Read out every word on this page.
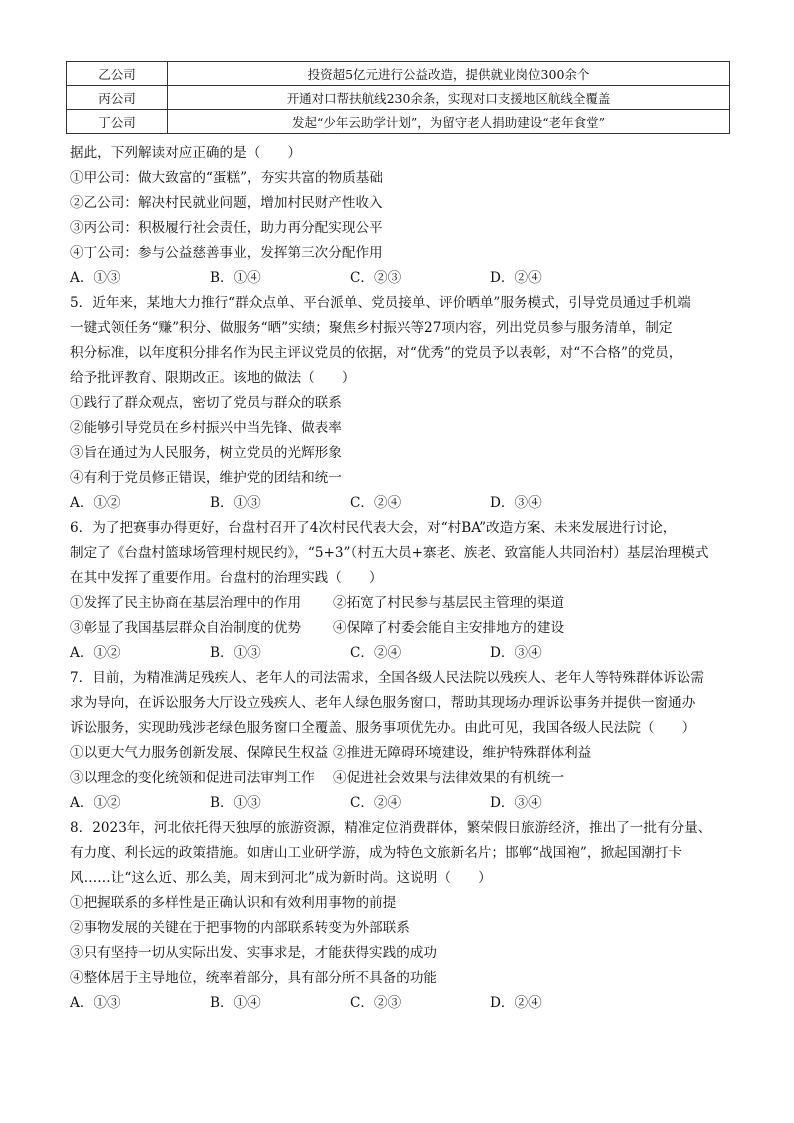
乙公司	投资超5亿元进行公益改造，提供就业岗位300余个
丙公司	开通对口帮扶航线230余条，实现对口支援地区航线全覆盖
丁公司	发起“少年云助学计划”，为留守老人捐助建设“老年食堂”
据此，下列解读对应正确的是（　　）
①甲公司：做大致富的“蛋糕”，夯实共富的物质基础
②乙公司：解决村民就业问题，增加村民财产性收入
③丙公司：积极履行社会责任，助力再分配实现公平
④丁公司：参与公益慈善事业，发挥第三次分配作用
A．①③	B．①④	C．②③	D．②④
5．近年来，某地大力推行“群众点单、平台派单、党员接单、评价晒单”服务模式，引导党员通过手机端
一键式领任务“赚”积分、做服务“晒”实绩；聚焦乡村振兴等27项内容，列出党员参与服务清单，制定
积分标准，以年度积分排名作为民主评议党员的依据，对“优秀”的党员予以表彰，对“不合格”的党员，
给予批评教育、限期改正。该地的做法（　　）
①践行了群众观点，密切了党员与群众的联系
②能够引导党员在乡村振兴中当先锋、做表率
③旨在通过为人民服务，树立党员的光辉形象
④有利于党员修正错误，维护党的团结和统一
A．①②	B．①③	C．②④	D．③④
6．为了把赛事办得更好，台盘村召开了4次村民代表大会，对“村BA”改造方案、未来发展进行讨论，
制定了《台盘村篮球场管理村规民约》，“5+3”（村五大员+寨老、族老、致富能人共同治村）基层治理模式
在其中发挥了重要作用。台盘村的治理实践（　　）
①发挥了民主协商在基层治理中的作用	②拓宽了村民参与基层民主管理的渠道
③彰显了我国基层群众自治制度的优势	④保障了村委会能自主安排地方的建设
A．①②	B．①③	C．②④	D．③④
7．目前，为精准满足残疾人、老年人的司法需求，全国各级人民法院以残疾人、老年人等特殊群体诉讼需
求为导向，在诉讼服务大厅设立残疾人、老年人绿色服务窗口，帮助其现场办理诉讼事务并提供一窗通办
诉讼服务，实现助残涉老绿色服务窗口全覆盖、服务事项优先办。由此可见，我国各级人民法院（　　）
①以更大气力服务创新发展、保障民生权益 ②推进无障碍环境建设，维护特殊群体利益
③以理念的变化统领和促进司法审判工作	④促进社会效果与法律效果的有机统一
A．①②	B．①③	C．②④	D．③④
8．2023年，河北依托得天独厚的旅游资源，精准定位消费群体，繁荣假日旅游经济，推出了一批有分量、
有力度、利长远的政策措施。如唐山工业研学游，成为特色文旅新名片；邯郸“战国袍”，掀起国潮打卡
风……让“这么近、那么美，周末到河北”成为新时尚。这说明（　　）
①把握联系的多样性是正确认识和有效利用事物的前提
②事物发展的关键在于把事物的内部联系转变为外部联系
③只有坚持一切从实际出发、实事求是，才能获得实践的成功
④整体居于主导地位，统率着部分，具有部分所不具备的功能
A．①③	B．①④	C．②③	D．②④
